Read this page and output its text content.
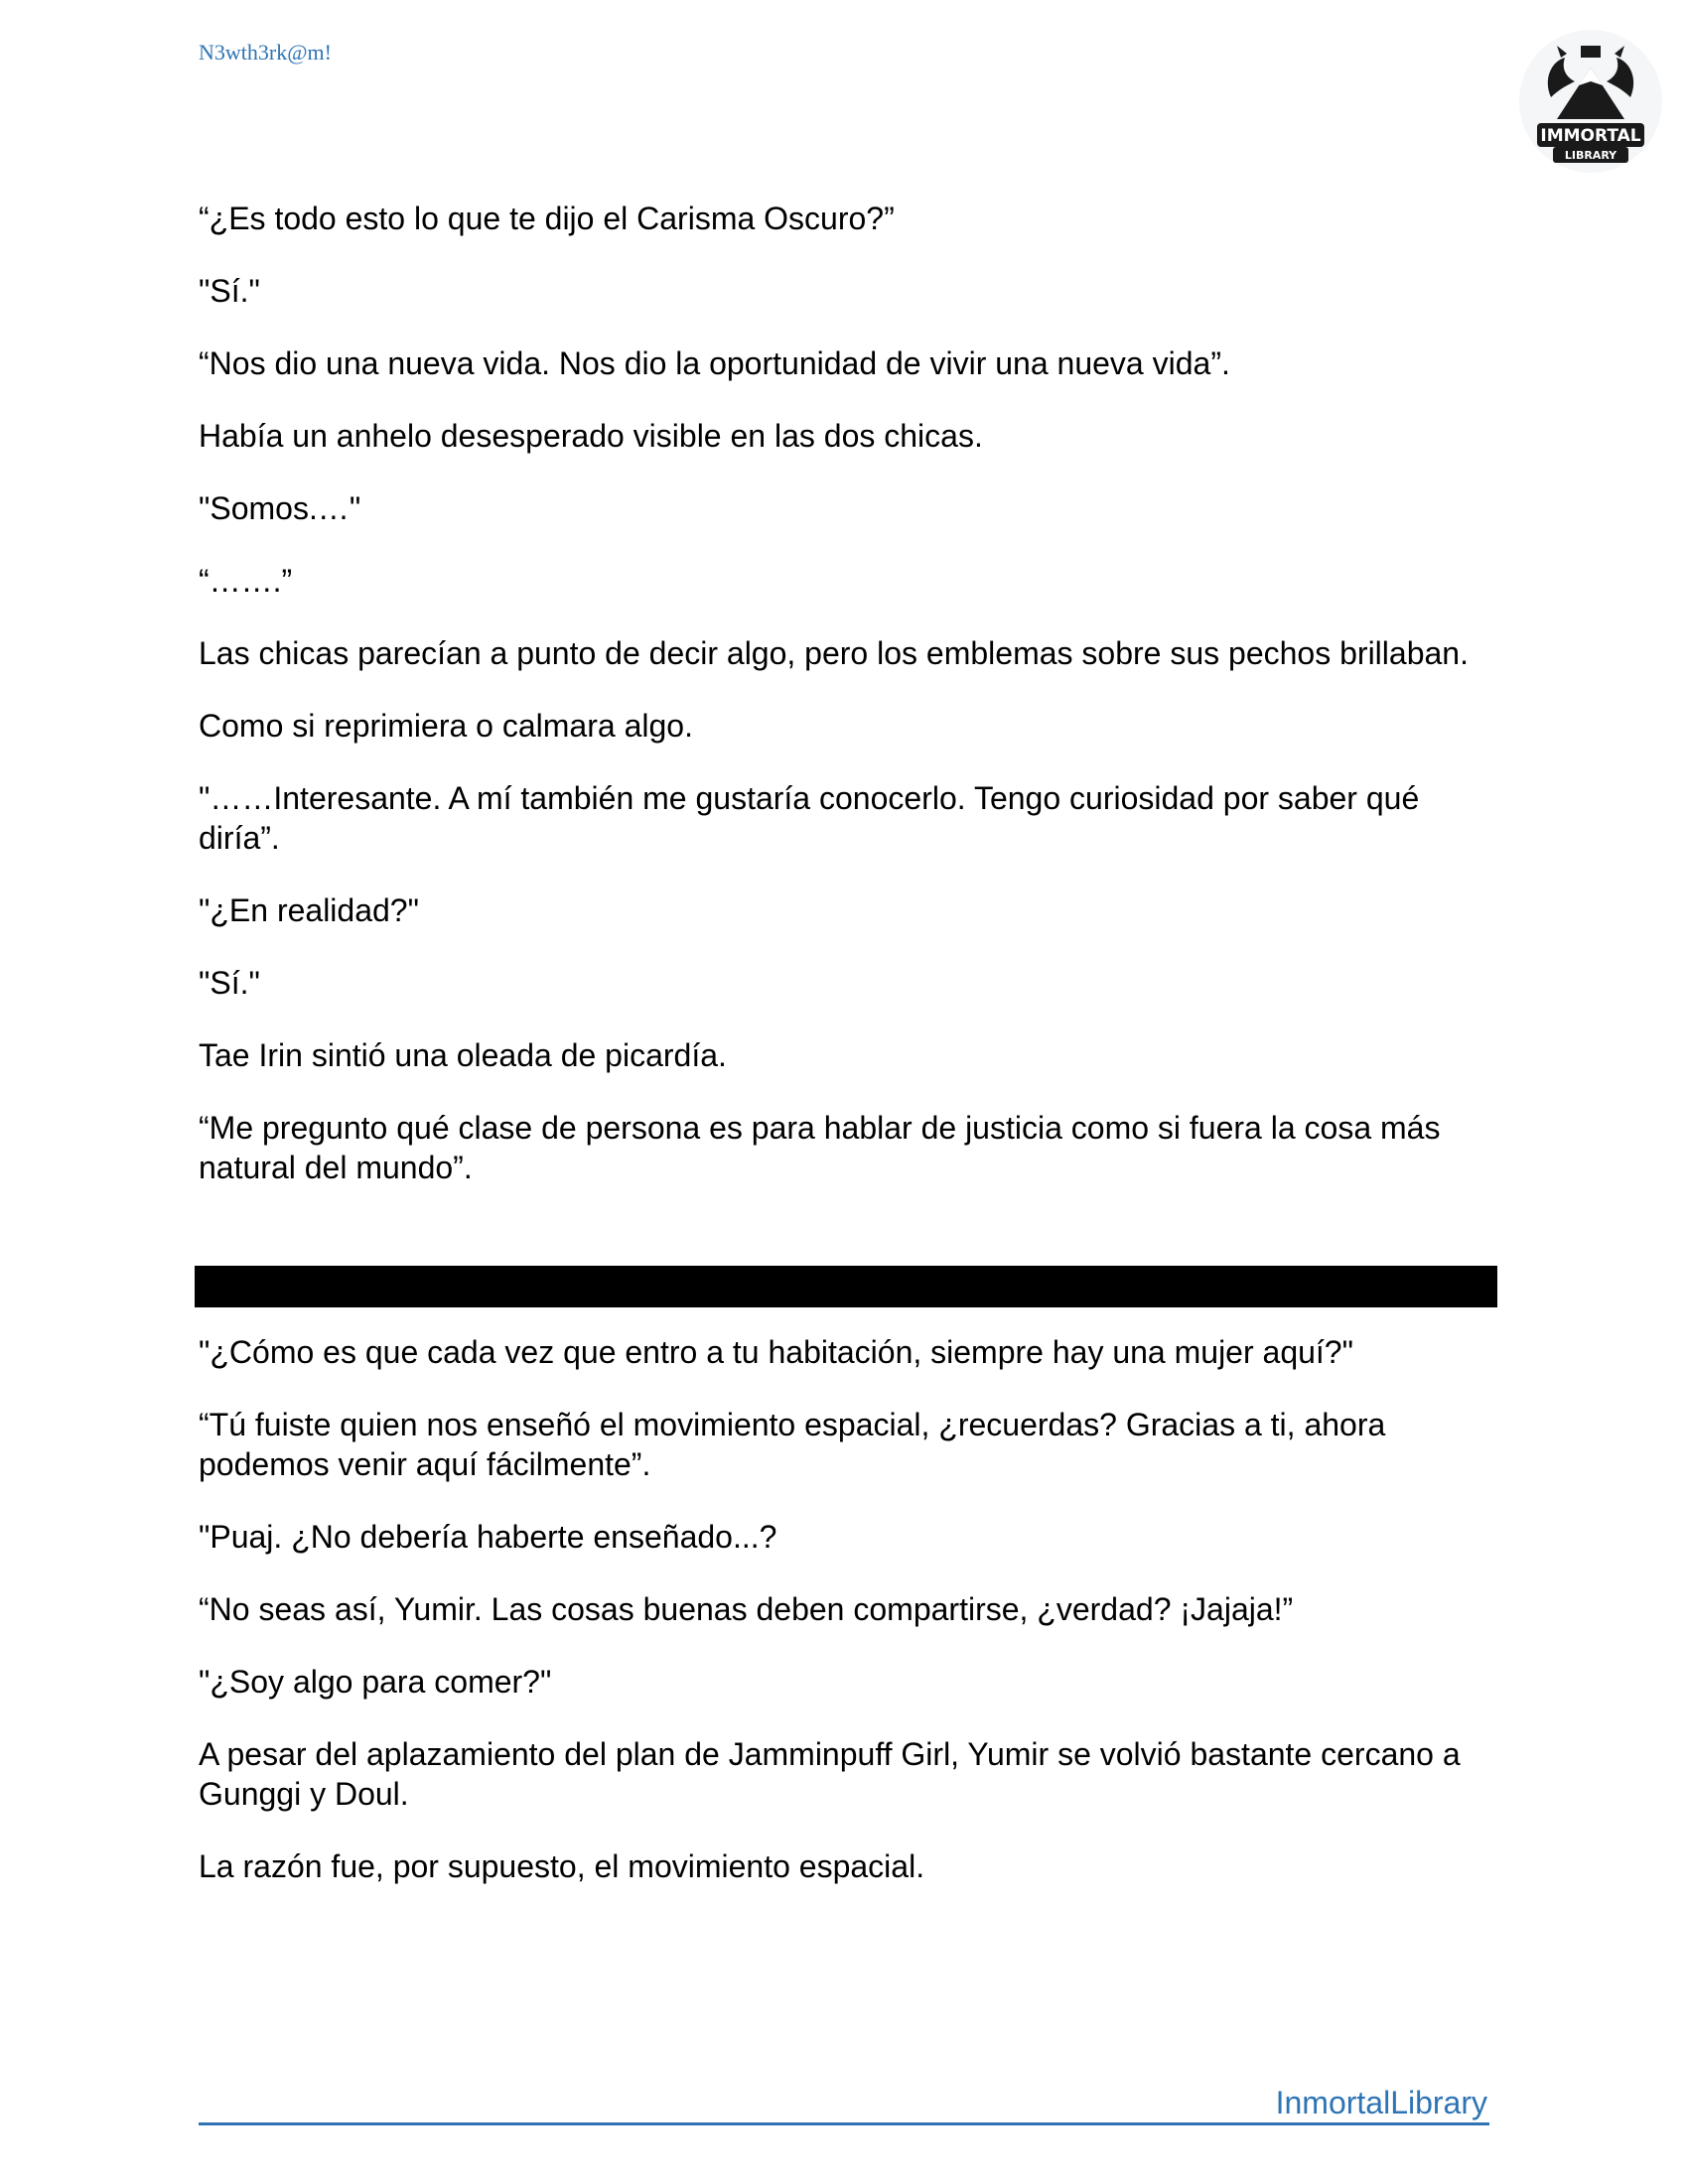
N3wth3rk@m!
IMMORTAL
LIBRARY

“¿Es todo esto lo que te dijo el Carisma Oscuro?”

"Sí."

“Nos dio una nueva vida. Nos dio la oportunidad de vivir una nueva vida”.

Había un anhelo desesperado visible en las dos chicas.

"Somos.…"

“…….”

Las chicas parecían a punto de decir algo, pero los emblemas sobre sus pechos brillaban.

Como si reprimiera o calmara algo.

"……Interesante. A mí también me gustaría conocerlo. Tengo curiosidad por saber qué diría”.

"¿En realidad?"

"Sí."

Tae Irin sintió una oleada de picardía.

“Me pregunto qué clase de persona es para hablar de justicia como si fuera la cosa más natural del mundo”.

"¿Cómo es que cada vez que entro a tu habitación, siempre hay una mujer aquí?"

“Tú fuiste quien nos enseñó el movimiento espacial, ¿recuerdas? Gracias a ti, ahora podemos venir aquí fácilmente”.

"Puaj. ¿No debería haberte enseñado...?

“No seas así, Yumir. Las cosas buenas deben compartirse, ¿verdad? ¡Jajaja!”

"¿Soy algo para comer?"

A pesar del aplazamiento del plan de Jamminpuff Girl, Yumir se volvió bastante cercano a Gunggi y Doul.

La razón fue, por supuesto, el movimiento espacial.

InmortalLibrary
